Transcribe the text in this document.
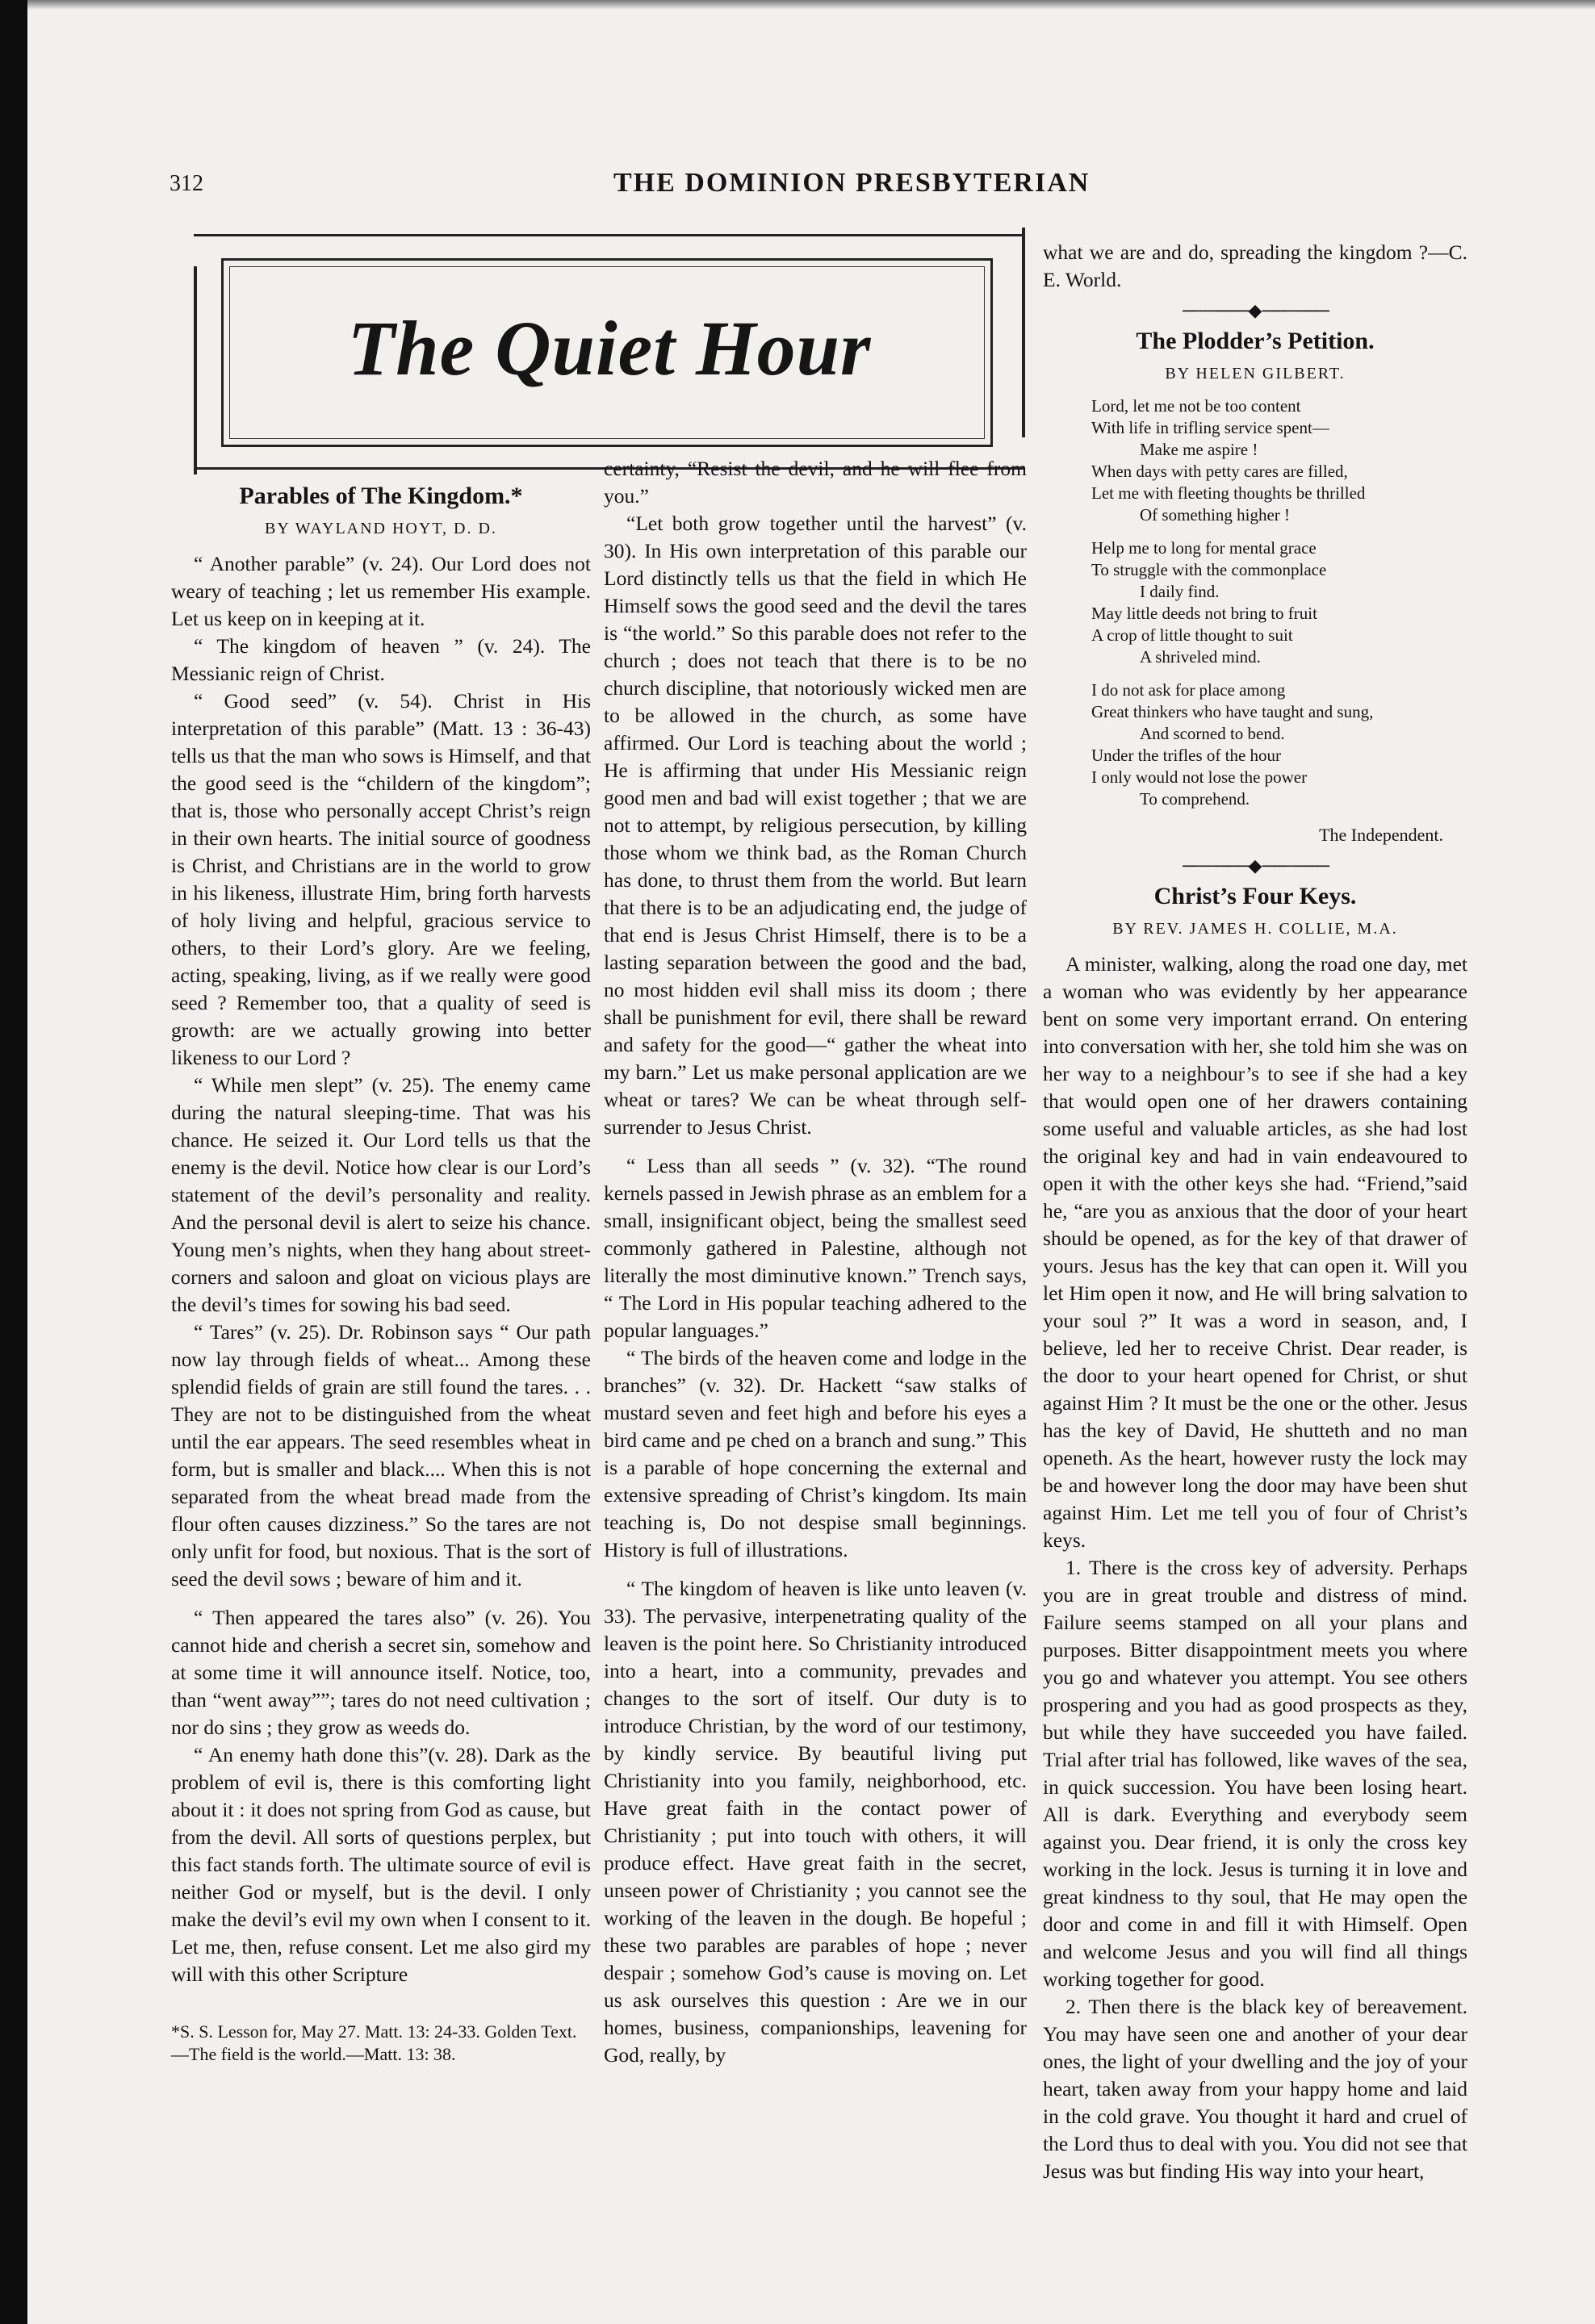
312	THE DOMINION PRESBYTERIAN
The Quiet Hour
Parables of The Kingdom.*
BY WAYLAND HOYT, D. D.

“ Another parable” (v. 24). Our Lord does not weary of teaching ; let us remember His example. Let us keep on in keeping at it.

“ The kingdom of heaven ” (v. 24). The Messianic reign of Christ.

“ Good seed” (v. 54). Christ in His interpretation of this parable” (Matt. 13 : 36-43) tells us that the man who sows is Himself, and that the good seed is the “childern of the kingdom”; that is, those who personally accept Christ’s reign in their own hearts. The initial source of goodness is Christ, and Christians are in the world to grow in his likeness, illustrate Him, bring forth harvests of holy living and helpful, gracious service to others, to their Lord’s glory. Are we feeling, acting, speaking, living, as if we really were good seed ? Remember too, that a quality of seed is growth: are we actually growing into better likeness to our Lord ?

“ While men slept” (v. 25). The enemy came during the natural sleeping-time. That was his chance. He seized it. Our Lord tells us that the enemy is the devil. Notice how clear is our Lord’s statement of the devil’s personality and reality. And the personal devil is alert to seize his chance. Young men’s nights, when they hang about street-corners and saloon and gloat on vicious plays are the devil’s times for sowing his bad seed.

“ Tares” (v. 25). Dr. Robinson says “ Our path now lay through fields of wheat... Among these splendid fields of grain are still found the tares. . . They are not to be distinguished from the wheat until the ear appears. The seed resembles wheat in form, but is smaller and black.... When this is not separated from the wheat bread made from the flour often causes dizziness.” So the tares are not only unfit for food, but noxious. That is the sort of seed the devil sows ; beware of him and it.

“ Then appeared the tares also” (v. 26). You cannot hide and cherish a secret sin, somehow and at some time it will announce itself. Notice, too, than “went away””; tares do not need cultivation ; nor do sins ; they grow as weeds do.

“ An enemy hath done this”(v. 28). Dark as the problem of evil is, there is this comforting light about it : it does not spring from God as cause, but from the devil. All sorts of questions perplex, but this fact stands forth. The ultimate source of evil is neither God or myself, but is the devil. I only make the devil’s evil my own when I consent to it. Let me, then, refuse consent. Let me also gird my will with this other Scripture

*S. S. Lesson for, May 27. Matt. 13: 24-33. Golden Text.—The field is the world.—Matt. 13: 38.

certainty, “Resist the devil, and he will flee from you.”

“Let both grow together until the harvest” (v. 30). In His own interpretation of this parable our Lord distinctly tells us that the field in which He Himself sows the good seed and the devil the tares is “the world.” So this parable does not refer to the church ; does not teach that there is to be no church discipline, that notoriously wicked men are to be allowed in the church, as some have affirmed. Our Lord is teaching about the world ; He is affirming that under His Messianic reign good men and bad will exist together ; that we are not to attempt, by religious persecution, by killing those whom we think bad, as the Roman Church has done, to thrust them from the world. But learn that there is to be an adjudicating end, the judge of that end is Jesus Christ Himself, there is to be a lasting separation between the good and the bad, no most hidden evil shall miss its doom ; there shall be punishment for evil, there shall be reward and safety for the good—“ gather the wheat into my barn.” Let us make personal application are we wheat or tares? We can be wheat through self-surrender to Jesus Christ.

“ Less than all seeds ” (v. 32). “The round kernels passed in Jewish phrase as an emblem for a small, insignificant object, being the smallest seed commonly gathered in Palestine, although not literally the most diminutive known.” Trench says, “ The Lord in His popular teaching adhered to the popular languages.”

“ The birds of the heaven come and lodge in the branches” (v. 32). Dr. Hackett “saw stalks of mustard seven and feet high and before his eyes a bird came and pe ched on a branch and sung.” This is a parable of hope concerning the external and extensive spreading of Christ’s kingdom. Its main teaching is, Do not despise small beginnings. History is full of illustrations.

“ The kingdom of heaven is like unto leaven (v. 33). The pervasive, interpenetrating quality of the leaven is the point here. So Christianity introduced into a heart, into a community, prevades and changes to the sort of itself. Our duty is to introduce Christian, by the word of our testimony, by kindly service. By beautiful living put Christianity into you family, neighborhood, etc. Have great faith in the contact power of Christianity ; put into touch with others, it will produce effect. Have great faith in the secret, unseen power of Christianity ; you cannot see the working of the leaven in the dough. Be hopeful ; these two parables are parables of hope ; never despair ; somehow God’s cause is moving on. Let us ask ourselves this question : Are we in our homes, business, companionships, leavening for God, really, by

what we are and do, spreading the kingdom ?—C. E. World.

──────◆──────
The Plodder’s Petition.
BY HELEN GILBERT.
Lord, let me not be too content
With life in trifling service spent—
Make me aspire !
When days with petty cares are filled,
Let me with fleeting thoughts be thrilled
Of something higher !
Help me to long for mental grace
To struggle with the commonplace
I daily find.
May little deeds not bring to fruit
A crop of little thought to suit
A shriveled mind.
I do not ask for place among
Great thinkers who have taught and sung,
And scorned to bend.
Under the trifles of the hour
I only would not lose the power
To comprehend.
The Independent.
──────◆──────
Christ’s Four Keys.
BY REV. JAMES H. COLLIE, M.A.

A minister, walking, along the road one day, met a woman who was evidently by her appearance bent on some very important errand. On entering into conversation with her, she told him she was on her way to a neighbour’s to see if she had a key that would open one of her drawers containing some useful and valuable articles, as she had lost the original key and had in vain endeavoured to open it with the other keys she had. “Friend,”said he, “are you as anxious that the door of your heart should be opened, as for the key of that drawer of yours. Jesus has the key that can open it. Will you let Him open it now, and He will bring salvation to your soul ?” It was a word in season, and, I believe, led her to receive Christ. Dear reader, is the door to your heart opened for Christ, or shut against Him ? It must be the one or the other. Jesus has the key of David, He shutteth and no man openeth. As the heart, however rusty the lock may be and however long the door may have been shut against Him. Let me tell you of four of Christ’s keys.

1. There is the cross key of adversity. Perhaps you are in great trouble and distress of mind. Failure seems stamped on all your plans and purposes. Bitter disappointment meets you where you go and whatever you attempt. You see others prospering and you had as good prospects as they, but while they have succeeded you have failed. Trial after trial has followed, like waves of the sea, in quick succession. You have been losing heart. All is dark. Everything and everybody seem against you. Dear friend, it is only the cross key working in the lock. Jesus is turning it in love and great kindness to thy soul, that He may open the door and come in and fill it with Himself. Open and welcome Jesus and you will find all things working together for good.

2. Then there is the black key of bereavement. You may have seen one and another of your dear ones, the light of your dwelling and the joy of your heart, taken away from your happy home and laid in the cold grave. You thought it hard and cruel of the Lord thus to deal with you. You did not see that Jesus was but finding His way into your heart,
